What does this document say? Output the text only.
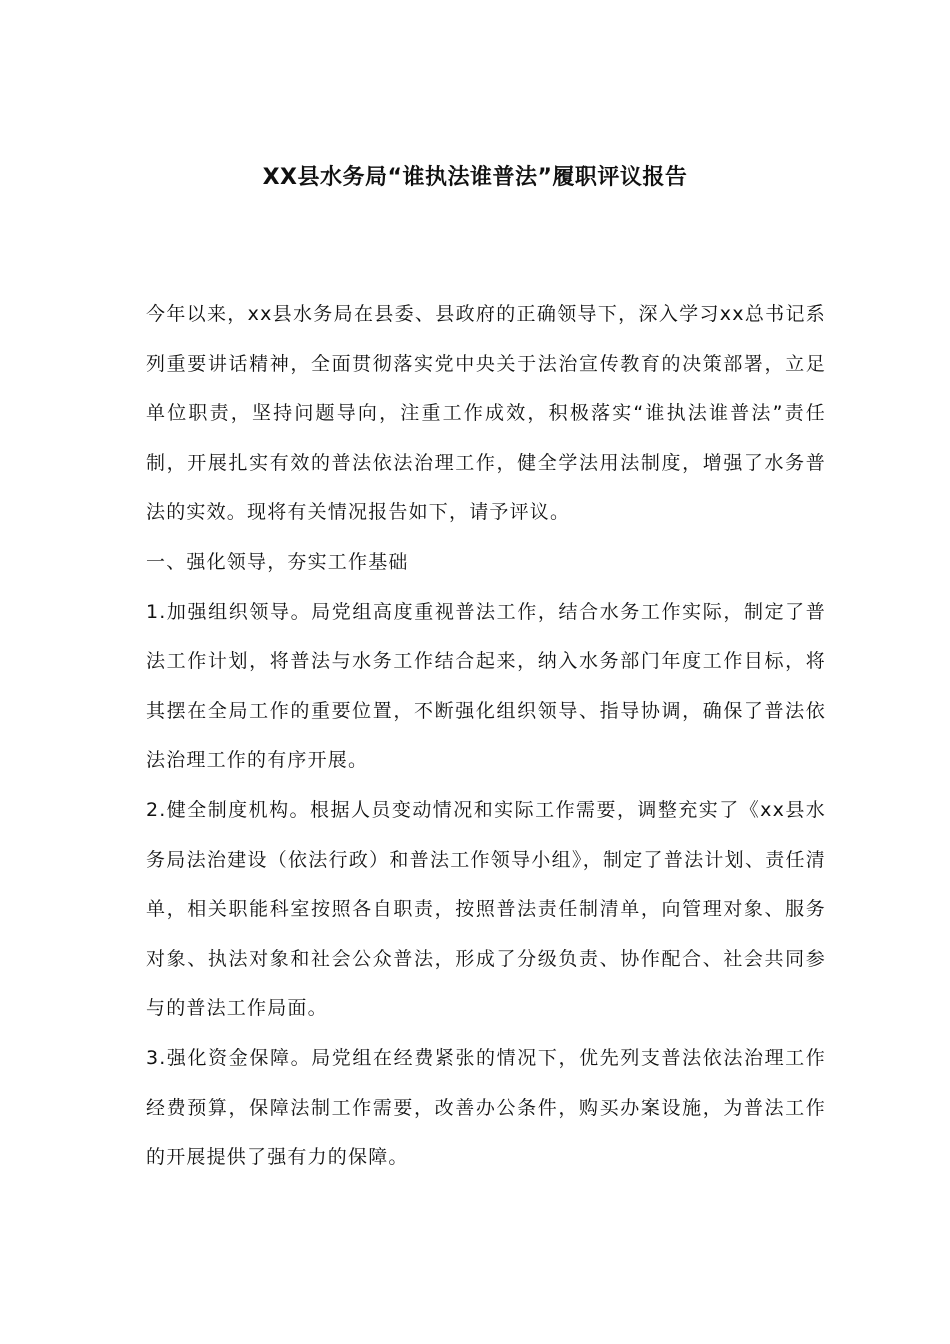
XX县水务局“谁执法谁普法”履职评议报告

今年以来，xx县水务局在县委、县政府的正确领导下，深入学习xx总书记系列重要讲话精神，全面贯彻落实党中央关于法治宣传教育的决策部署，立足单位职责，坚持问题导向，注重工作成效，积极落实“谁执法谁普法”责任制，开展扎实有效的普法依法治理工作，健全学法用法制度，增强了水务普法的实效。现将有关情况报告如下，请予评议。

一、强化领导，夯实工作基础

1.加强组织领导。局党组高度重视普法工作，结合水务工作实际，制定了普法工作计划，将普法与水务工作结合起来，纳入水务部门年度工作目标，将其摆在全局工作的重要位置，不断强化组织领导、指导协调，确保了普法依法治理工作的有序开展。

2.健全制度机构。根据人员变动情况和实际工作需要，调整充实了《xx县水务局法治建设（依法行政）和普法工作领导小组》，制定了普法计划、责任清单，相关职能科室按照各自职责，按照普法责任制清单，向管理对象、服务对象、执法对象和社会公众普法，形成了分级负责、协作配合、社会共同参与的普法工作局面。

3.强化资金保障。局党组在经费紧张的情况下，优先列支普法依法治理工作经费预算，保障法制工作需要，改善办公条件，购买办案设施，为普法工作的开展提供了强有力的保障。
